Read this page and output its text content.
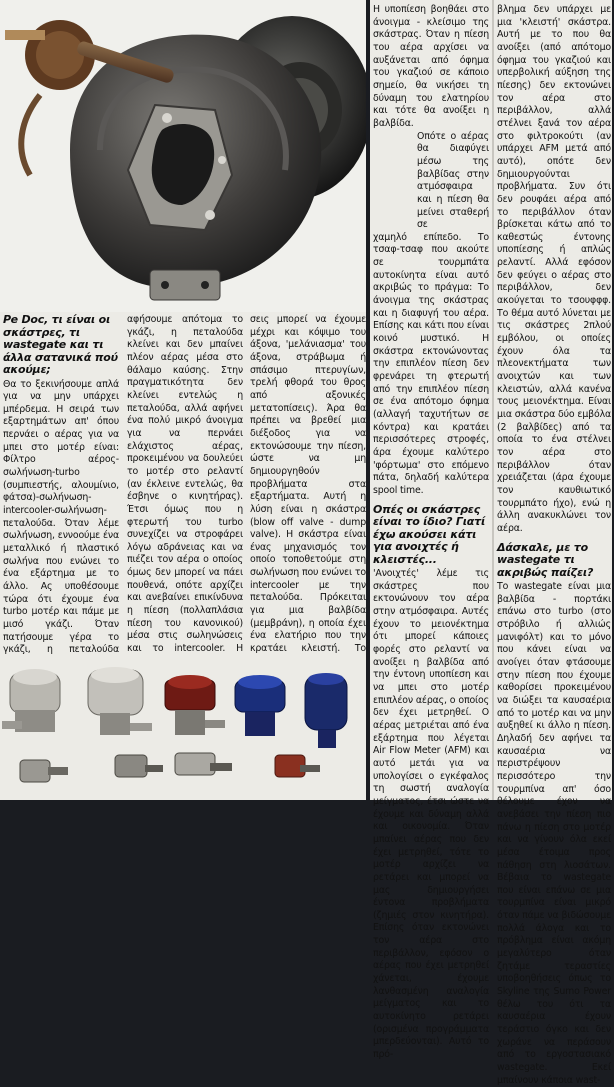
Pe Doc, τι είναι οι σκάστρες, τι wastegate και τι άλλα σατανικά πού ακούμε;

Θα το ξεκινήσουμε απλά για να μην υπάρχει μπέρδεμα. Η σειρά των εξαρτημάτων απ' όπου περνάει ο αέρας για να μπει στο μοτέρ είναι: Φίλτρο αέρος-σωλήνωση-turbo (συμπιεστής, αλουμίνιο, φάτσα)-σωλήνωση-intercooler-σωλήνωση-πεταλούδα. Όταν λέμε σωλήνωση, εννοούμε ένα μεταλλικό ή πλαστικό σωλήνα που ενώνει το ένα εξάρτημα με το άλλο. Ας υποθέσουμε τώρα ότι έχουμε ένα turbo μοτέρ και πάμε με μισό γκάζι. Όταν πατήσουμε γέρα το γκάζι, η πεταλούδα

αφήσουμε απότομα το γκάζι, η πεταλούδα κλείνει και δεν μπαίνει πλέον αέρας μέσα στο θάλαμο καύσης. Στην πραγματικότητα δεν κλείνει εντελώς η πεταλούδα, αλλά αφήνει ένα πολύ μικρό άνοιγμα για να περνάει ελάχιστος αέρας, προκειμένου να δουλεύει το μοτέρ στο ρελαντί (αν έκλεινε εντελώς, θα έσβηνε ο κινητήρας). Έτσι όμως που η φτερωτή του turbo συνεχίζει να στροφάρει λόγω αδράνειας και να πιέζει τον αέρα ο οποίος όμως δεν μπορεί να πάει πουθενά, οπότε αρχίζει και ανεβαίνει επικίνδυνα η πίεση (πολλαπλάσια πίεση του κανονικού) μέσα στις σωληνώσεις και το intercooler. Η

σεις μπορεί να έχουμε μέχρι και κόψιμο του άξονα, 'μελάνιασμα' του άξονα, στράβωμα ή σπάσιμο πτερυγίων, τρελή φθορά του θρος από αξονικές μετατοπίσεις). Άρα θα πρέπει να βρεθεί μια διέξοδος για να εκτονώσουμε την πίεση, ώστε να μη δημιουργηθούν προβλήματα στα εξαρτήματα. Αυτή η λύση είναι η σκάστρα (blow off valve - dump valve). Η σκάστρα είναι ένας μηχανισμός τον οποίο τοποθετούμε στη σωλήνωση που ενώνει το intercooler με την πεταλούδα. Πρόκειται για μια βαλβίδα (μεμβράνη), η οποία έχει ένα ελατήριο που την κρατάει κλειστή. Το

Η υποπίεση βοηθάει στο άνοιγμα - κλείσιμο της σκάστρας. Όταν η πίεση του αέρα αρχίσει να αυξάνεται από όφημα του γκαζιού σε κάποιο σημείο, θα νικήσει τη δύναμη του ελατηρίου και τότε θα ανοίξει η βαλβίδα.

Οπότε ο αέρας θα διαφύγει μέσω της βαλβίδας στην ατμόσφαιρα και η πίεση θα μείνει σταθερή σε

χαμηλό επίπεδο. Το τσαφ-τσαφ που ακούτε σε τουρμπάτα αυτοκίνητα είναι αυτό ακριβώς το πράγμα: Το άνοιγμα της σκάστρας και η διαφυγή του αέρα. Επίσης και κάτι που είναι κοινό μυστικό. Η σκάστρα εκτονώνοντας την επιπλέον πίεση δεν φρενάρει τη φτερωτή από την επιπλέον πίεση σε ένα απότομο όφημα (αλλαγή ταχυτήτων σε κόντρα) και κρατάει περισσότερες στροφές, άρα έχουμε καλύτερο 'φόρτωμα' στο επόμενο πάτα, δηλαδή καλύτερα spool time.

Οπές οι σκάστρες είναι το ίδιο? Γιατί έχω ακούσει κάτι για ανοιχτές ή κλειστές...

'Ανοιχτές' λέμε τις σκάστρες που εκτονώνουν τον αέρα στην ατμόσφαιρα. Αυτές έχουν το μειονέκτημα ότι μπορεί κάποιες φορές στο ρελαντί να ανοίξει η βαλβίδα από την έντονη υποπίεση και να μπει στο μοτέρ επιπλέον αέρας, ο οποίος δεν έχει μετρηθεί. Ο αέρας μετριέται από ένα εξάρτημα που λέγεται Air Flow Meter (AFM) και αυτό μετάι για να υπολογίσει ο εγκέφαλος τη σωστή αναλογία μείγματος, έτσι ώστε να έχουμε και δύναμη αλλά και οικονομία. Όταν μπαίνει αέρας που δεν έχει μετρηθεί, τότε το μοτέρ αρχίζει να ρετάρει και μπορεί να μας δημιουργήσει έντονα προβλήματα (ζημιές στον κινητήρα). Επίσης όταν εκτονώνει τον αέρα στο περιβάλλον, εφόσον ο αέρας που έχει μετρηθεί χάνεται, έχουμε λανθασμένη αναλογία μείγματος και το αυτοκίνητο ρετάρει (ορισμένα προγράμματα μπερδεύονται). Αυτό το πρό-

βλημα δεν υπάρχει με μια 'κλειστή' σκάστρα. Αυτή με το που θα ανοίξει (από απότομο όφημα του γκαζιού και υπερβολική αύξηση της πίεσης) δεν εκτονώνει τον αέρα στο περιβάλλον, αλλά στέλνει ξανά τον αέρα στο φιλτροκούτι (αν υπάρχει AFM μετά από αυτό), οπότε δεν δημιουργούνται προβλήματα. Συν ότι δεν ρουφάει αέρα από το περιβάλλον όταν βρίσκεται κάτω από το καθεστώς έντονης υποπίεσης ή απλώς ρελαντί. Αλλά εφόσον δεν φεύγει ο αέρας στο περιβάλλον, δεν ακούγεται το τσουφφφ. Το θέμα αυτό λύνεται με τις σκάστρες 2πλού εμβόλου, οι οποίες έχουν όλα τα πλεονεκτήματα των ανοιχτών και των κλειστών, αλλά κανένα τους μειονέκτημα. Είναι μια σκάστρα δύο εμβόλα (2 βαλβίδες) από τα οποία το ένα στέλνει τον αέρα στο περιβάλλον όταν χρειάζεται (άρα έχουμε τον καυθιωτικό τουρμπάτο ήχο), ενώ η άλλη ανακυκλώνει τον αέρα.

Δάσκαλε, με το wastegate τι ακριβώς παίζει?

Το wastegate είναι μια βαλβίδα - πορτάκι επάνω στο turbo (στο στρόβιλο ή αλλιώς μανιφόλτ) και το μόνο που κάνει είναι να ανοίγει όταν φτάσουμε στην πίεση που έχουμε καθορίσει προκειμένου να διώξει τα καυσαέρια από το μοτέρ και να μην αυξηθεί κι άλλο η πίεση. Δηλαδή δεν αφήνει τα καυσαέρια να περιστρέψουν περισσότερο την τουρμπίνα απ' όσο θέλουμε έχον να ανεβάσει την πίεση πιο πάνω η πίεση στο μοτέρ και να γίνουν όλα εκεί μέσα έτοιμα προς πάθηση στη λιοσάτων. Βέβαια το wastegate που είναι επάνω σε μια τουρμπίνα είναι μικρό όταν πάμε να βιδώσουμε πολλά άλογα και το πρόβλημα είναι ακόμη μεγαλύτερο όταν ζητάμε τεραστίες υποβοηθήσεις όπως το Skyline της Sumo Power θέλω του ότι τα καυσαέρια έχουν τεράστιο όγκο και δεν χωράνε να περάσουν από το εργοστασιακό wastegate. Εκεί μπαίνουν κάποια wast-
